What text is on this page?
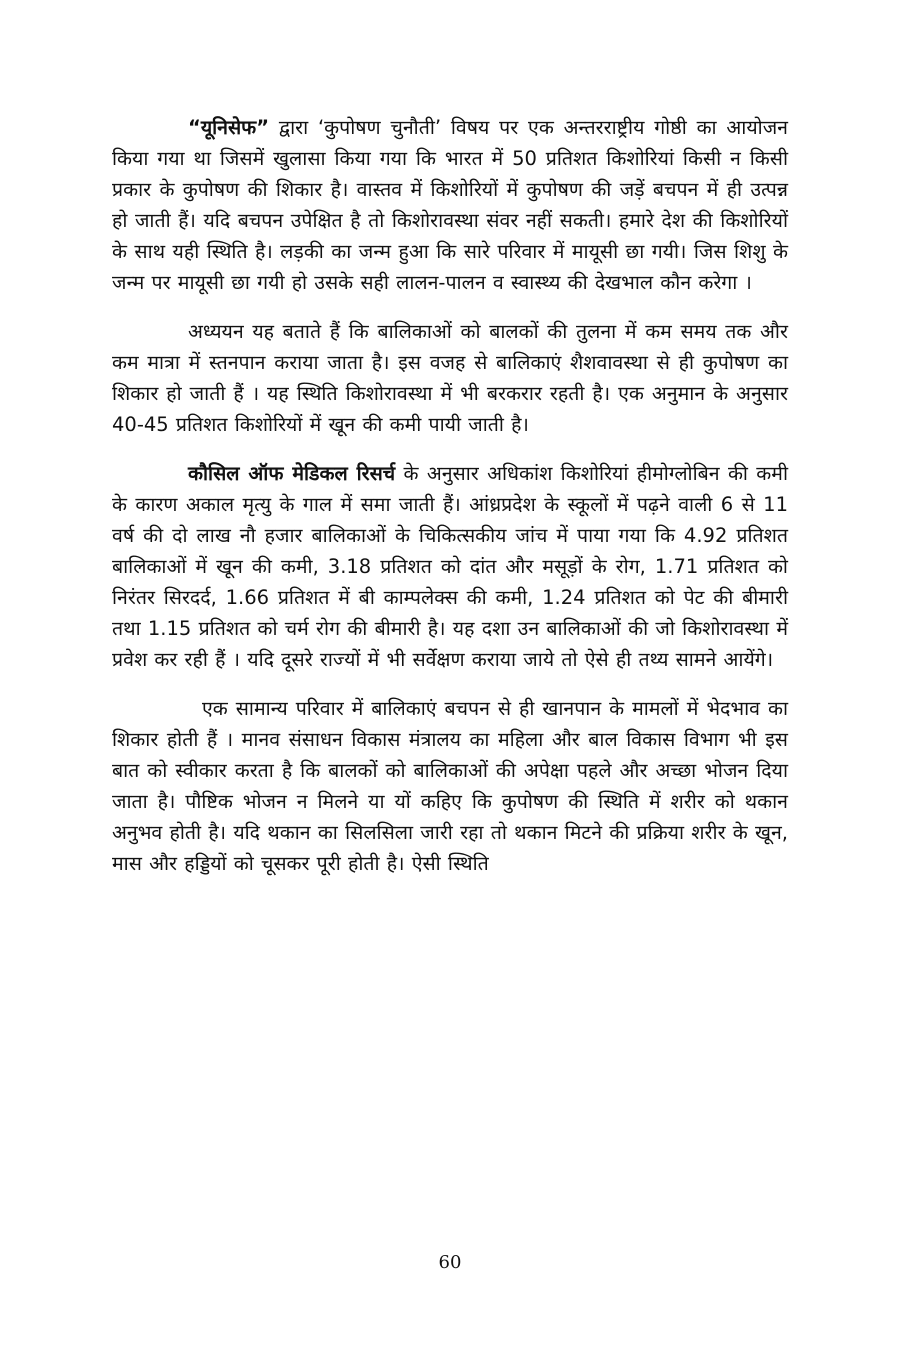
“यूनिसेफ” द्वारा ‘कुपोषण चुनौती’ विषय पर एक अन्तरराष्ट्रीय गोष्ठी का आयोजन किया गया था जिसमें खुलासा किया गया कि भारत में 50 प्रतिशत किशोरियां किसी न किसी प्रकार के कुपोषण की शिकार है। वास्तव में किशोरियों में कुपोषण की जड़ें बचपन में ही उत्पन्न हो जाती हैं। यदि बचपन उपेक्षित है तो किशोरावस्था संवर नहीं सकती। हमारे देश की किशोरियों के साथ यही स्थिति है। लड़की का जन्म हुआ कि सारे परिवार में मायूसी छा गयी। जिस शिशु के जन्म पर मायूसी छा गयी हो उसके सही लालन-पालन व स्वास्थ्य की देखभाल कौन करेगा ।

अध्ययन यह बताते हैं कि बालिकाओं को बालकों की तुलना में कम समय तक और कम मात्रा में स्तनपान कराया जाता है। इस वजह से बालिकाएं शैशवावस्था से ही कुपोषण का शिकार हो जाती हैं । यह स्थिति किशोरावस्था में भी बरकरार रहती है। एक अनुमान के अनुसार 40-45 प्रतिशत किशोरियों में खून की कमी पायी जाती है।

कौसिल ऑफ मेडिकल रिसर्च के अनुसार अधिकांश किशोरियां हीमोग्लोबिन की कमी के कारण अकाल मृत्यु के गाल में समा जाती हैं। आंध्रप्रदेश के स्कूलों में पढ़ने वाली 6 से 11 वर्ष की दो लाख नौ हजार बालिकाओं के चिकित्सकीय जांच में पाया गया कि 4.92 प्रतिशत बालिकाओं में खून की कमी, 3.18 प्रतिशत को दांत और मसूड़ों के रोग, 1.71 प्रतिशत को निरंतर सिरदर्द, 1.66 प्रतिशत में बी काम्पलेक्स की कमी, 1.24 प्रतिशत को पेट की बीमारी तथा 1.15 प्रतिशत को चर्म रोग की बीमारी है। यह दशा उन बालिकाओं की जो किशोरावस्था में प्रवेश कर रही हैं । यदि दूसरे राज्यों में भी सर्वेक्षण कराया जाये तो ऐसे ही तथ्य सामने आयेंगे।

एक सामान्य परिवार में बालिकाएं बचपन से ही खानपान के मामलों में भेदभाव का शिकार होती हैं । मानव संसाधन विकास मंत्रालय का महिला और बाल विकास विभाग भी इस बात को स्वीकार करता है कि बालकों को बालिकाओं की अपेक्षा पहले और अच्छा भोजन दिया जाता है। पौष्टिक भोजन न मिलने या यों कहिए कि कुपोषण की स्थिति में शरीर को थकान अनुभव होती है। यदि थकान का सिलसिला जारी रहा तो थकान मिटने की प्रक्रिया शरीर के खून, मास और हड्डियों को चूसकर पूरी होती है। ऐसी स्थिति

60
